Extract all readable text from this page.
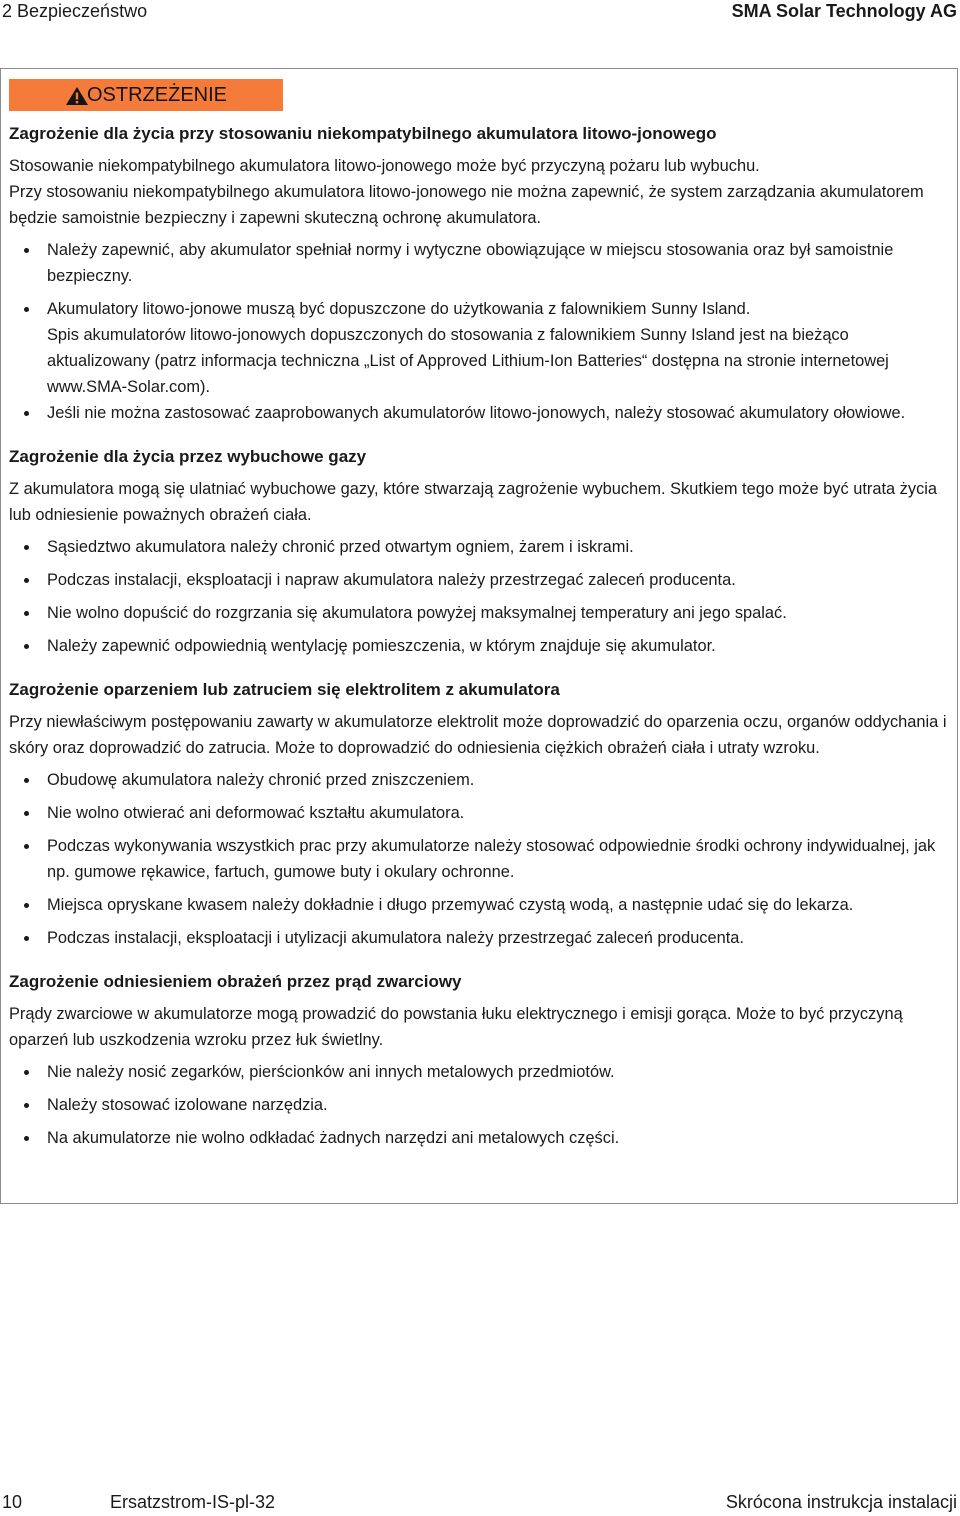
2 Bezpieczeństwo	SMA Solar Technology AG
OSTRZEŻENIE
Zagrożenie dla życia przy stosowaniu niekompatybilnego akumulatora litowo-jonowego

Stosowanie niekompatybilnego akumulatora litowo-jonowego może być przyczyną pożaru lub wybuchu.

Przy stosowaniu niekompatybilnego akumulatora litowo-jonowego nie można zapewnić, że system zarządzania akumulatorem będzie samoistnie bezpieczny i zapewni skuteczną ochronę akumulatora.

Należy zapewnić, aby akumulator spełniał normy i wytyczne obowiązujące w miejscu stosowania oraz był samoistnie bezpieczny.
Akumulatory litowo-jonowe muszą być dopuszczone do użytkowania z falownikiem Sunny Island.

Spis akumulatorów litowo-jonowych dopuszczonych do stosowania z falownikiem Sunny Island jest na bieżąco aktualizowany (patrz informacja techniczna „List of Approved Lithium-Ion Batteries“ dostępna na stronie internetowej www.SMA-Solar.com).

Jeśli nie można zastosować zaaprobowanych akumulatorów litowo-jonowych, należy stosować akumulatory ołowiowe.
Zagrożenie dla życia przez wybuchowe gazy

Z akumulatora mogą się ulatniać wybuchowe gazy, które stwarzają zagrożenie wybuchem. Skutkiem tego może być utrata życia lub odniesienie poważnych obrażeń ciała.

Sąsiedztwo akumulatora należy chronić przed otwartym ogniem, żarem i iskrami.
Podczas instalacji, eksploatacji i napraw akumulatora należy przestrzegać zaleceń producenta.
Nie wolno dopuścić do rozgrzania się akumulatora powyżej maksymalnej temperatury ani jego spalać.
Należy zapewnić odpowiednią wentylację pomieszczenia, w którym znajduje się akumulator.
Zagrożenie oparzeniem lub zatruciem się elektrolitem z akumulatora

Przy niewłaściwym postępowaniu zawarty w akumulatorze elektrolit może doprowadzić do oparzenia oczu, organów oddychania i skóry oraz doprowadzić do zatrucia. Może to doprowadzić do odniesienia ciężkich obrażeń ciała i utraty wzroku.

Obudowę akumulatora należy chronić przed zniszczeniem.
Nie wolno otwierać ani deformować kształtu akumulatora.
Podczas wykonywania wszystkich prac przy akumulatorze należy stosować odpowiednie środki ochrony indywidualnej, jak np. gumowe rękawice, fartuch, gumowe buty i okulary ochronne.
Miejsca opryskane kwasem należy dokładnie i długo przemywać czystą wodą, a następnie udać się do lekarza.
Podczas instalacji, eksploatacji i utylizacji akumulatora należy przestrzegać zaleceń producenta.
Zagrożenie odniesieniem obrażeń przez prąd zwarciowy

Prądy zwarciowe w akumulatorze mogą prowadzić do powstania łuku elektrycznego i emisji gorąca. Może to być przyczyną oparzeń lub uszkodzenia wzroku przez łuk świetlny.

Nie należy nosić zegarków, pierścionków ani innych metalowych przedmiotów.
Należy stosować izolowane narzędzia.
Na akumulatorze nie wolno odkładać żadnych narzędzi ani metalowych części.
10	Ersatzstrom-IS-pl-32	Skrócona instrukcja instalacji
